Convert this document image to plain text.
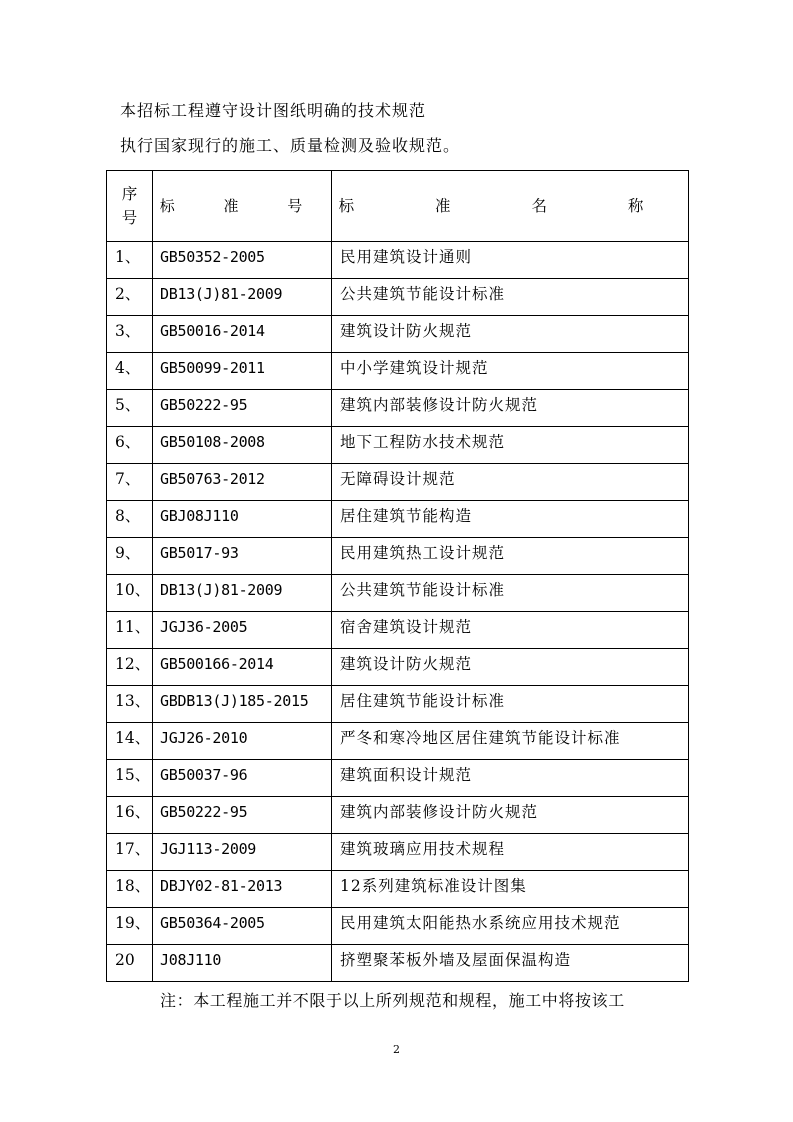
本招标工程遵守设计图纸明确的技术规范
执行国家现行的施工、质量检测及验收规范。
序
号	标 准 号	标 准 名 称
1、	GB50352-2005	民用建筑设计通则
2、	DB13(J)81-2009	公共建筑节能设计标准
3、	GB50016-2014	建筑设计防火规范
4、	GB50099-2011	中小学建筑设计规范
5、	GB50222-95	建筑内部装修设计防火规范
6、	GB50108-2008	地下工程防水技术规范
7、	GB50763-2012	无障碍设计规范
8、	GBJ08J110	居住建筑节能构造
9、	GB5017-93	民用建筑热工设计规范
10、	DB13(J)81-2009	公共建筑节能设计标准
11、	JGJ36-2005	宿舍建筑设计规范
12、	GB500166-2014	建筑设计防火规范
13、	GBDB13(J)185-2015	居住建筑节能设计标准
14、	JGJ26-2010	严冬和寒冷地区居住建筑节能设计标准
15、	GB50037-96	建筑面积设计规范
16、	GB50222-95	建筑内部装修设计防火规范
17、	JGJ113-2009	建筑玻璃应用技术规程
18、	DBJY02-81-2013	12系列建筑标准设计图集
19、	GB50364-2005	民用建筑太阳能热水系统应用技术规范
20	J08J110	挤塑聚苯板外墙及屋面保温构造
注：本工程施工并不限于以上所列规范和规程，施工中将按该工
2
